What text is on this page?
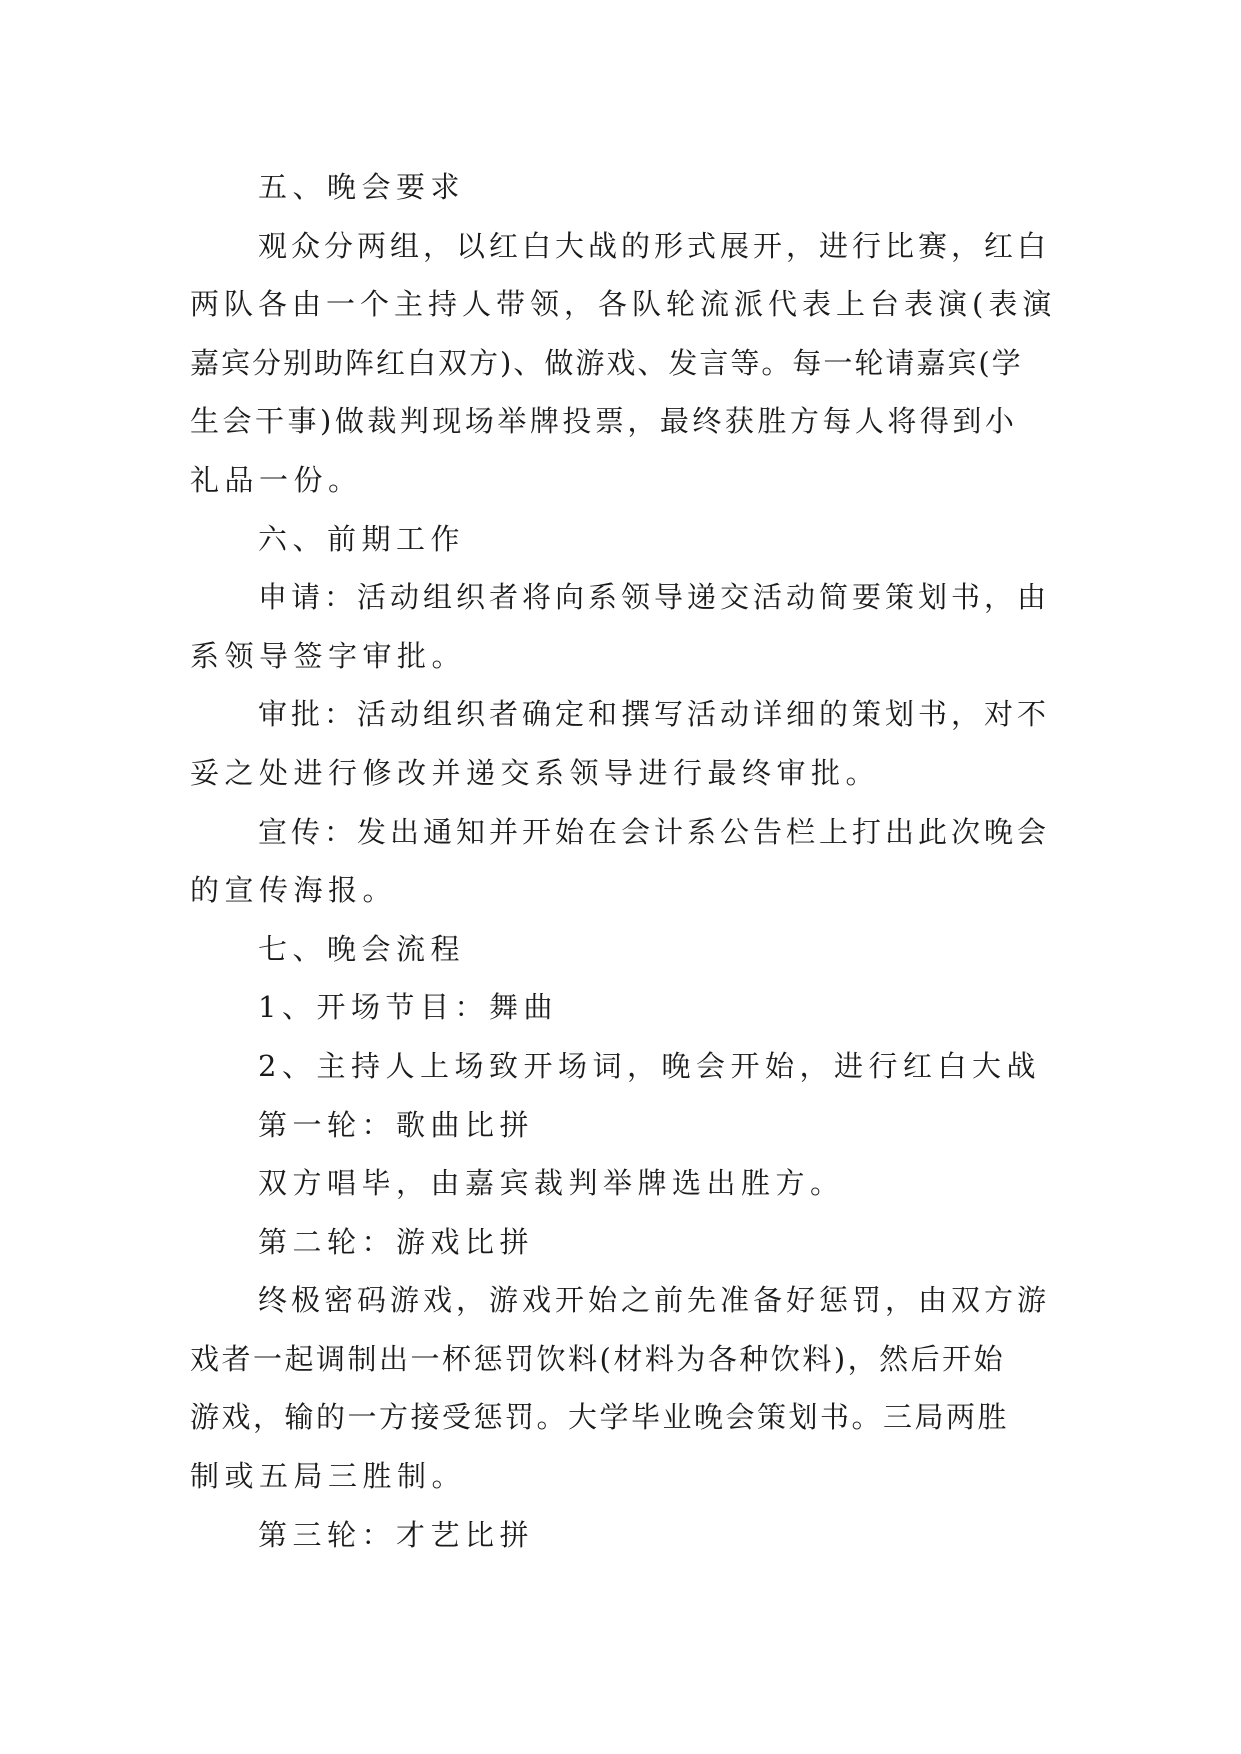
五、晚会要求
观众分两组，以红白大战的形式展开，进行比赛，红白
两队各由一个主持人带领，各队轮流派代表上台表演(表演
嘉宾分别助阵红白双方)、做游戏、发言等。每一轮请嘉宾(学
生会干事)做裁判现场举牌投票，最终获胜方每人将得到小
礼品一份。
六、前期工作
申请：活动组织者将向系领导递交活动简要策划书，由
系领导签字审批。
审批：活动组织者确定和撰写活动详细的策划书，对不
妥之处进行修改并递交系领导进行最终审批。
宣传：发出通知并开始在会计系公告栏上打出此次晚会
的宣传海报。
七、晚会流程
1、开场节目：舞曲
2、主持人上场致开场词，晚会开始，进行红白大战
第一轮：歌曲比拼
双方唱毕，由嘉宾裁判举牌选出胜方。
第二轮：游戏比拼
终极密码游戏，游戏开始之前先准备好惩罚，由双方游
戏者一起调制出一杯惩罚饮料(材料为各种饮料)，然后开始
游戏，输的一方接受惩罚。大学毕业晚会策划书。三局两胜
制或五局三胜制。
第三轮：才艺比拼
